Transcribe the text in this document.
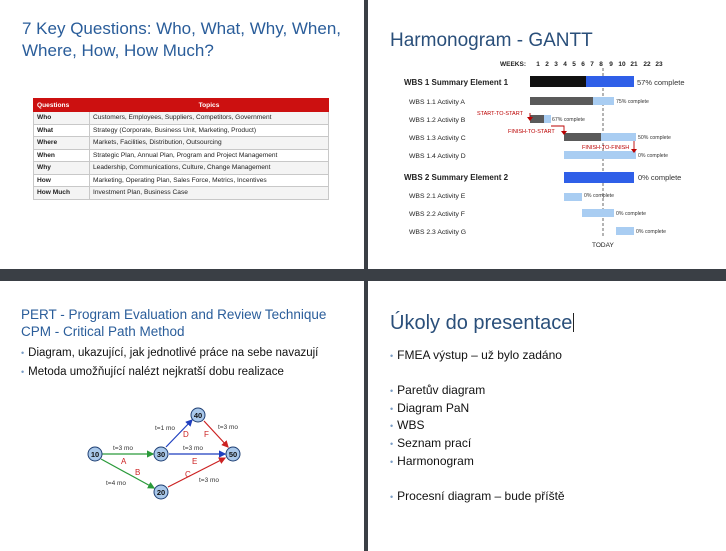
7 Key Questions: Who, What, Why, When, Where, How, How Much?
Questions	Topics
Who	Customers, Employees, Suppliers, Competitors, Government
What	Strategy (Corporate, Business Unit, Marketing, Product)
Where	Markets, Facilities, Distribution, Outsourcing
When	Strategic Plan, Annual Plan, Program and Project Management
Why	Leadership, Communications, Culture, Change Management
How	Marketing, Operating Plan, Sales Force, Metrics, Incentives
How Much	Investment Plan, Business Case
Harmonogram - GANTT
WEEKS: 1 2 3 4 5 6 7 8 9 10 21 22 23
WBS 1 Summary Element 1
WBS 1.1 Activity A
WBS 1.2 Activity B
WBS 1.3 Activity C
WBS 1.4 Activity D
WBS 2 Summary Element 2
WBS 2.1 Activity E
WBS 2.2 Activity F
WBS 2.3 Activity G
TODAY
START-TO-START
FINISH-TO-START
FINISH-TO-FINISH
57% complete
75% complete
67% complete
50% complete
0% complete
0% complete
0% complete
0% complete
0% complete
PERT - Program Evaluation and Review Technique
CPM - Critical Path Method
• Diagram, ukazující, jak jednotlivé práce na sebe navazují
• Metoda umožňující nalézt nejkratší dobu realizace
10
20
30
40
50
A
B	C
D
E
F
t=3 mo
t=4 mo	t=3 mo
t=1 mo
t=3 mo
t=3 mo
Úkoly do presentace
• FMEA výstup – už bylo zadáno
• Paretův diagram
• Diagram PaN
• WBS
• Seznam prací
• Harmonogram
• Procesní diagram – bude příště
